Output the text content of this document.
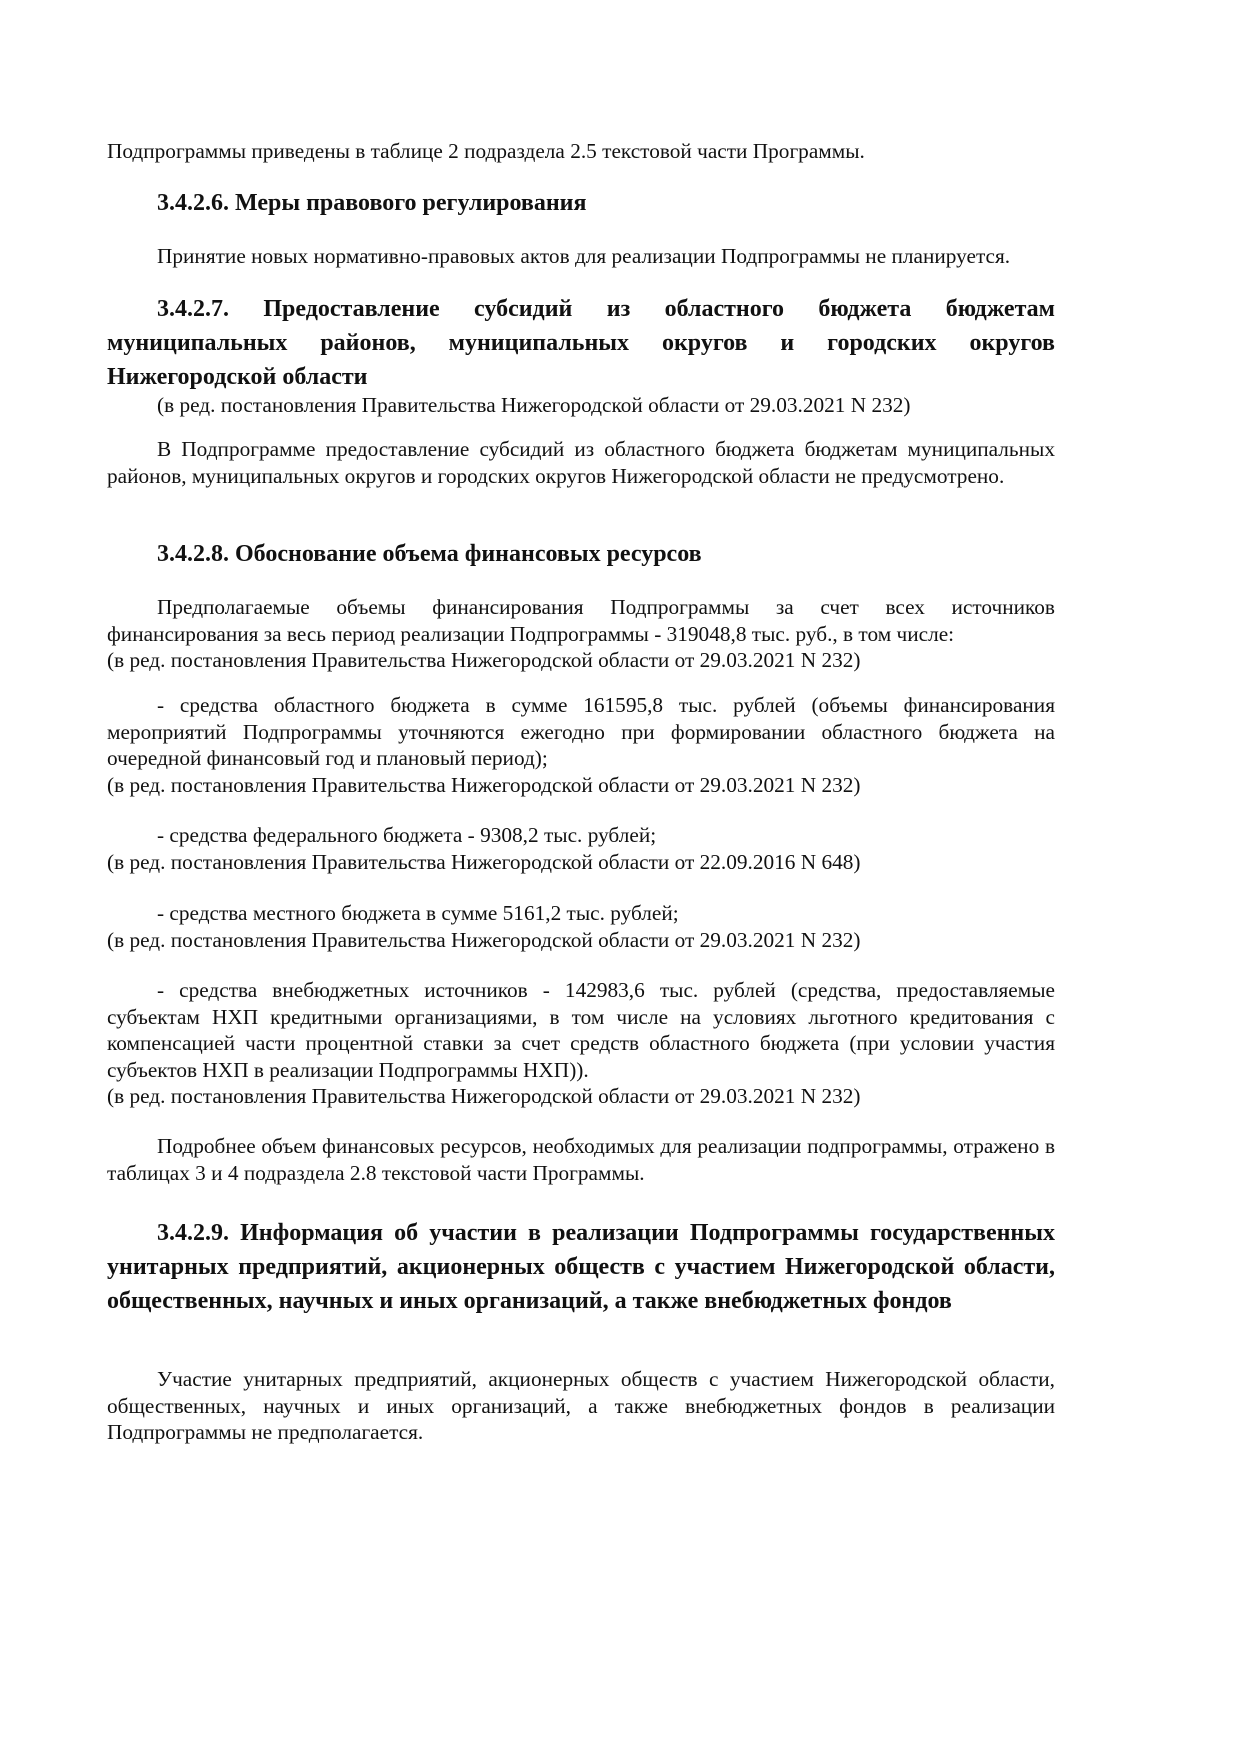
Подпрограммы приведены в таблице 2 подраздела 2.5 текстовой части Программы.

3.4.2.6. Меры правового регулирования

Принятие новых нормативно-правовых актов для реализации Подпрограммы не планируется.

3.4.2.7. Предоставление субсидий из областного бюджета бюджетам муниципальных районов, муниципальных округов и городских округов Нижегородской области

(в ред. постановления Правительства Нижегородской области от 29.03.2021 N 232)

В Подпрограмме предоставление субсидий из областного бюджета бюджетам муниципальных районов, муниципальных округов и городских округов Нижегородской области не предусмотрено.

3.4.2.8. Обоснование объема финансовых ресурсов

Предполагаемые объемы финансирования Подпрограммы за счет всех источников финансирования за весь период реализации Подпрограммы - 319048,8 тыс. руб., в том числе:

(в ред. постановления Правительства Нижегородской области от 29.03.2021 N 232)

- средства областного бюджета в сумме 161595,8 тыс. рублей (объемы финансирования мероприятий Подпрограммы уточняются ежегодно при формировании областного бюджета на очередной финансовый год и плановый период);

(в ред. постановления Правительства Нижегородской области от 29.03.2021 N 232)

- средства федерального бюджета - 9308,2 тыс. рублей;

(в ред. постановления Правительства Нижегородской области от 22.09.2016 N 648)

- средства местного бюджета в сумме 5161,2 тыс. рублей;

(в ред. постановления Правительства Нижегородской области от 29.03.2021 N 232)

- средства внебюджетных источников - 142983,6 тыс. рублей (средства, предоставляемые субъектам НХП кредитными организациями, в том числе на условиях льготного кредитования с компенсацией части процентной ставки за счет средств областного бюджета (при условии участия субъектов НХП в реализации Подпрограммы НХП)).

(в ред. постановления Правительства Нижегородской области от 29.03.2021 N 232)

Подробнее объем финансовых ресурсов, необходимых для реализации подпрограммы, отражено в таблицах 3 и 4 подраздела 2.8 текстовой части Программы.

3.4.2.9. Информация об участии в реализации Подпрограммы государственных унитарных предприятий, акционерных обществ с участием Нижегородской области, общественных, научных и иных организаций, а также внебюджетных фондов

Участие унитарных предприятий, акционерных обществ с участием Нижегородской области, общественных, научных и иных организаций, а также внебюджетных фондов в реализации Подпрограммы не предполагается.
